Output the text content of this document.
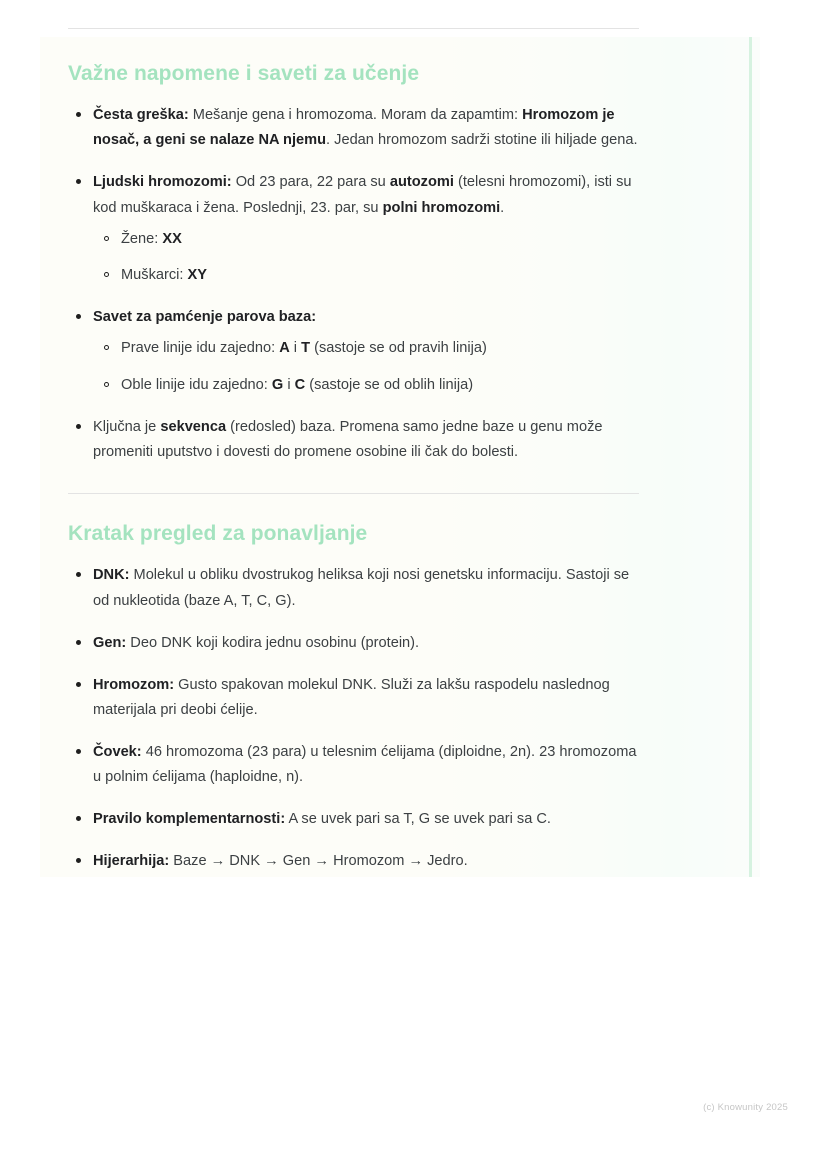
Važne napomene i saveti za učenje
Česta greška: Mešanje gena i hromozoma. Moram da zapamtim: Hromozom je nosač, a geni se nalaze NA njemu. Jedan hromozom sadrži stotine ili hiljade gena.
Ljudski hromozomi: Od 23 para, 22 para su autozomi (telesni hromozomi), isti su kod muškaraca i žena. Poslednji, 23. par, su polni hromozomi.
Žene: XX
Muškarci: XY
Savet za pamćenje parova baza:
Prave linije idu zajedno: A i T (sastoje se od pravih linija)
Oble linije idu zajedno: G i C (sastoje se od oblih linija)
Ključna je sekvenca (redosled) baza. Promena samo jedne baze u genu može promeniti uputstvo i dovesti do promene osobine ili čak do bolesti.
Kratak pregled za ponavljanje
DNK: Molekul u obliku dvostrukog heliksa koji nosi genetsku informaciju. Sastoji se od nukleotida (baze A, T, C, G).
Gen: Deo DNK koji kodira jednu osobinu (protein).
Hromozom: Gusto spakovan molekul DNK. Služi za lakšu raspodelu naslednog materijala pri deobi ćelije.
Čovek: 46 hromozoma (23 para) u telesnim ćelijama (diploidne, 2n). 23 hromozoma u polnim ćelijama (haploidne, n).
Pravilo komplementarnosti: A se uvek pari sa T, G se uvek pari sa C.
Hijerarhija: Baze → DNK → Gen → Hromozom → Jedro.
(c) Knowunity 2025
